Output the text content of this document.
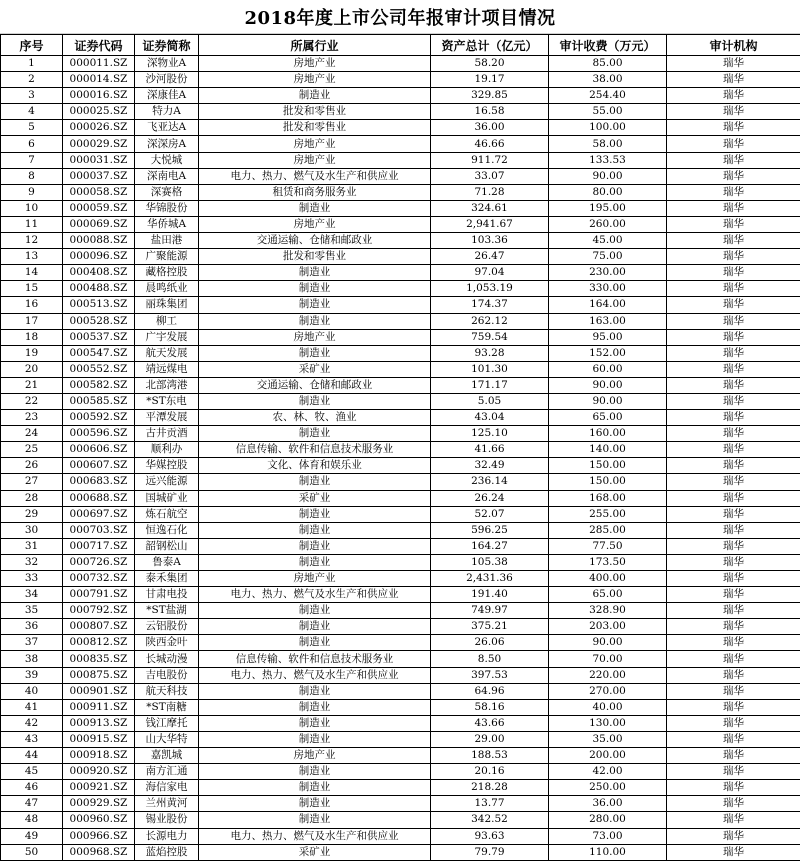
2018年度上市公司年报审计项目情况
序号	证券代码	证券简称	所属行业	资产总计（亿元）	审计收费（万元）	审计机构
1	000011.SZ	深物业A	房地产业	58.20	85.00	瑞华
2	000014.SZ	沙河股份	房地产业	19.17	38.00	瑞华
3	000016.SZ	深康佳A	制造业	329.85	254.40	瑞华
4	000025.SZ	特力A	批发和零售业	16.58	55.00	瑞华
5	000026.SZ	飞亚达A	批发和零售业	36.00	100.00	瑞华
6	000029.SZ	深深房A	房地产业	46.66	58.00	瑞华
7	000031.SZ	大悦城	房地产业	911.72	133.53	瑞华
8	000037.SZ	深南电A	电力、热力、燃气及水生产和供应业	33.07	90.00	瑞华
9	000058.SZ	深赛格	租赁和商务服务业	71.28	80.00	瑞华
10	000059.SZ	华锦股份	制造业	324.61	195.00	瑞华
11	000069.SZ	华侨城A	房地产业	2,941.67	260.00	瑞华
12	000088.SZ	盐田港	交通运输、仓储和邮政业	103.36	45.00	瑞华
13	000096.SZ	广聚能源	批发和零售业	26.47	75.00	瑞华
14	000408.SZ	藏格控股	制造业	97.04	230.00	瑞华
15	000488.SZ	晨鸣纸业	制造业	1,053.19	330.00	瑞华
16	000513.SZ	丽珠集团	制造业	174.37	164.00	瑞华
17	000528.SZ	柳工	制造业	262.12	163.00	瑞华
18	000537.SZ	广宇发展	房地产业	759.54	95.00	瑞华
19	000547.SZ	航天发展	制造业	93.28	152.00	瑞华
20	000552.SZ	靖远煤电	采矿业	101.30	60.00	瑞华
21	000582.SZ	北部湾港	交通运输、仓储和邮政业	171.17	90.00	瑞华
22	000585.SZ	*ST东电	制造业	5.05	90.00	瑞华
23	000592.SZ	平潭发展	农、林、牧、渔业	43.04	65.00	瑞华
24	000596.SZ	古井贡酒	制造业	125.10	160.00	瑞华
25	000606.SZ	顺利办	信息传输、软件和信息技术服务业	41.66	140.00	瑞华
26	000607.SZ	华媒控股	文化、体育和娱乐业	32.49	150.00	瑞华
27	000683.SZ	远兴能源	制造业	236.14	150.00	瑞华
28	000688.SZ	国城矿业	采矿业	26.24	168.00	瑞华
29	000697.SZ	炼石航空	制造业	52.07	255.00	瑞华
30	000703.SZ	恒逸石化	制造业	596.25	285.00	瑞华
31	000717.SZ	韶钢松山	制造业	164.27	77.50	瑞华
32	000726.SZ	鲁泰A	制造业	105.38	173.50	瑞华
33	000732.SZ	泰禾集团	房地产业	2,431.36	400.00	瑞华
34	000791.SZ	甘肃电投	电力、热力、燃气及水生产和供应业	191.40	65.00	瑞华
35	000792.SZ	*ST盐湖	制造业	749.97	328.90	瑞华
36	000807.SZ	云铝股份	制造业	375.21	203.00	瑞华
37	000812.SZ	陕西金叶	制造业	26.06	90.00	瑞华
38	000835.SZ	长城动漫	信息传输、软件和信息技术服务业	8.50	70.00	瑞华
39	000875.SZ	吉电股份	电力、热力、燃气及水生产和供应业	397.53	220.00	瑞华
40	000901.SZ	航天科技	制造业	64.96	270.00	瑞华
41	000911.SZ	*ST南糖	制造业	58.16	40.00	瑞华
42	000913.SZ	钱江摩托	制造业	43.66	130.00	瑞华
43	000915.SZ	山大华特	制造业	29.00	35.00	瑞华
44	000918.SZ	嘉凯城	房地产业	188.53	200.00	瑞华
45	000920.SZ	南方汇通	制造业	20.16	42.00	瑞华
46	000921.SZ	海信家电	制造业	218.28	250.00	瑞华
47	000929.SZ	兰州黄河	制造业	13.77	36.00	瑞华
48	000960.SZ	锡业股份	制造业	342.52	280.00	瑞华
49	000966.SZ	长源电力	电力、热力、燃气及水生产和供应业	93.63	73.00	瑞华
50	000968.SZ	蓝焰控股	采矿业	79.79	110.00	瑞华
